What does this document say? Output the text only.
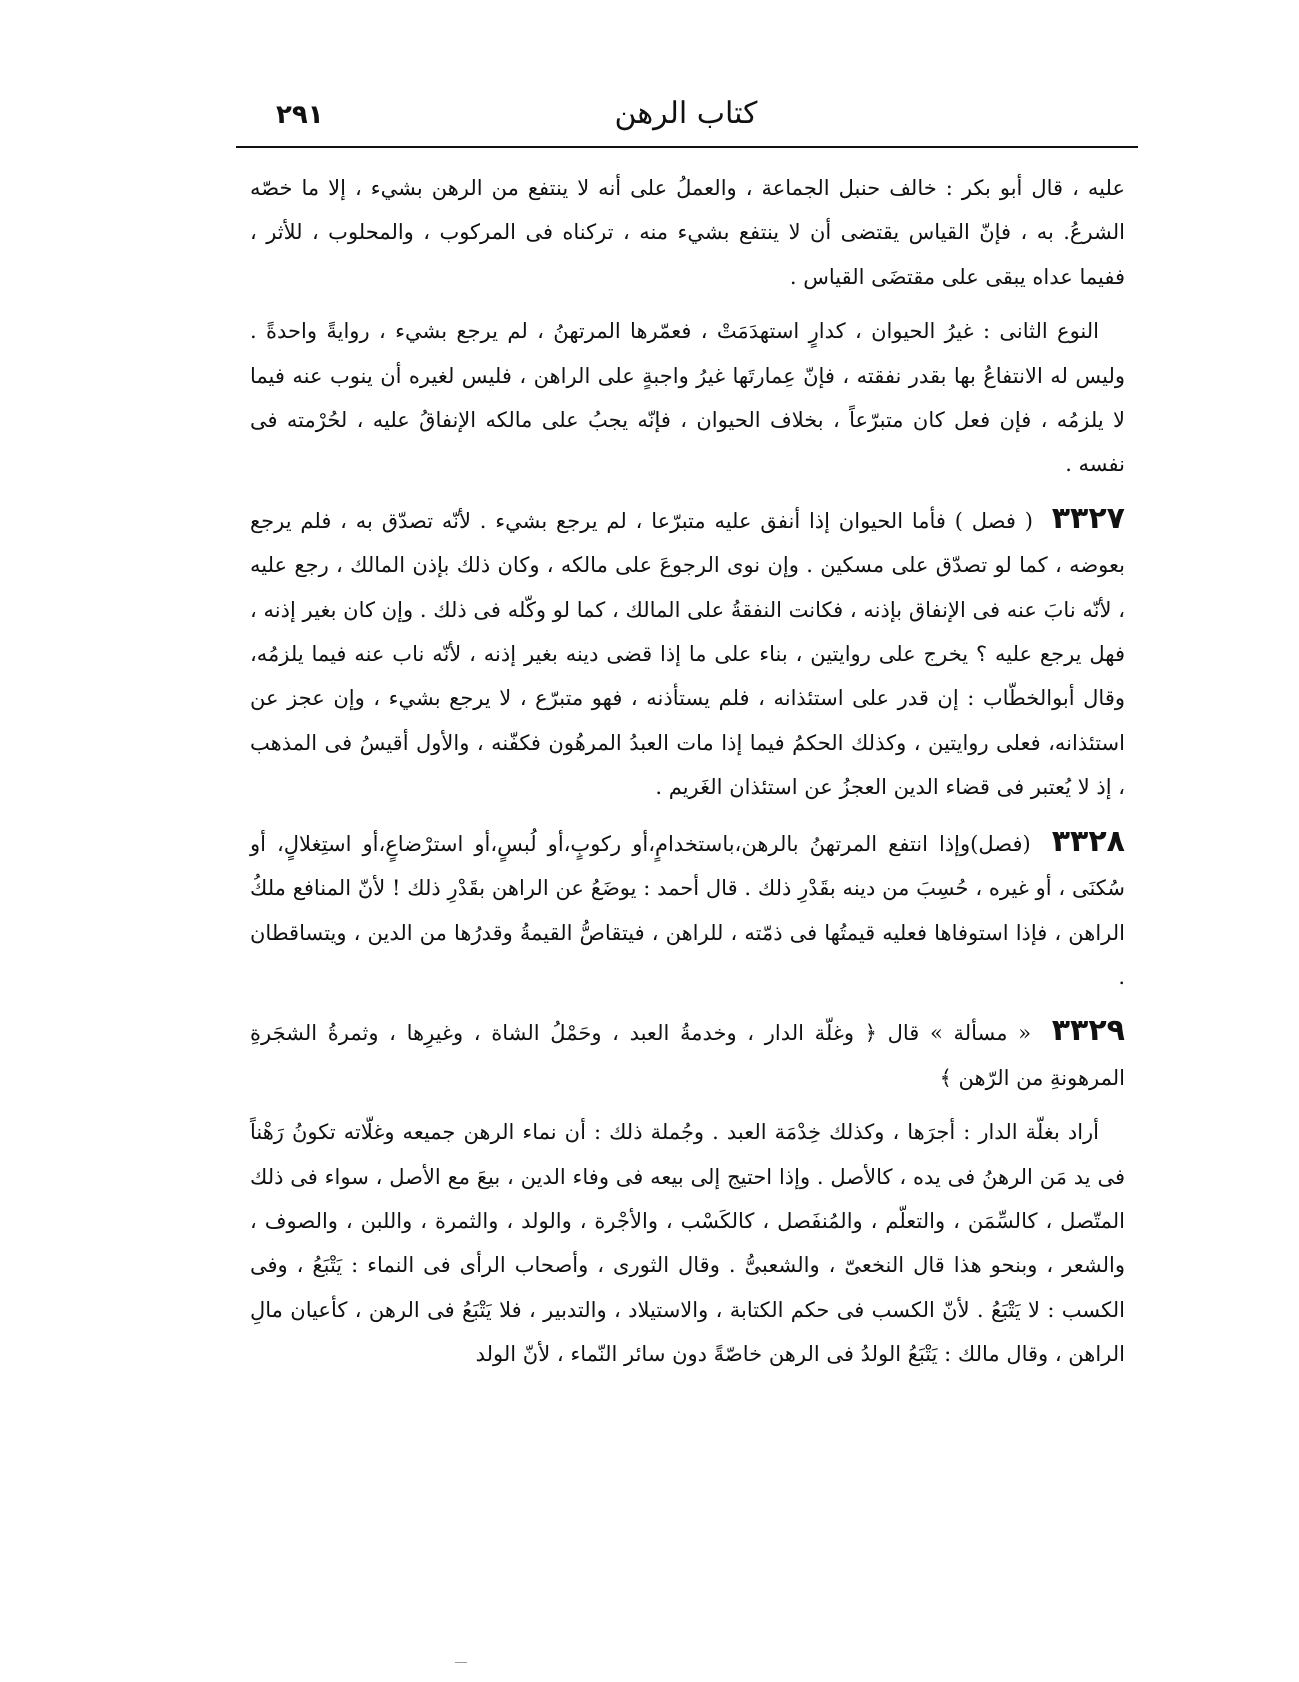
كتاب الرهن
٢٩١

عليه ، قال أبو بكر : خالف حنبل الجماعة ، والعملُ على أنه لا ينتفع من الرهن بشيء ، إلا ما خصّه الشرعُ. به ، فإنّ القياس يقتضى أن لا ينتفع بشيء منه ، تركناه فى المركوب ، والمحلوب ، للأثر ، ففيما عداه يبقى على مقتضَى القياس .

النوع الثانى : غيرُ الحيوان ، كدارٍ استهدَمَتْ ، فعمّرها المرتهنُ ، لم يرجع بشيء ، روايةً واحدةً . وليس له الانتفاعُ بها بقدر نفقته ، فإنّ عِمارتَها غيرُ واجبةٍ على الراهن ، فليس لغيره أن ينوب عنه فيما لا يلزمُه ، فإن فعل كان متبرّعاً ، بخلاف الحيوان ، فإنّه يجبُ على مالكه الإنفاقُ عليه ، لحُرْمته فى نفسه .

٣٣٢٧ ( فصل ) فأما الحيوان إذا أنفق عليه متبرّعا ، لم يرجع بشيء . لأنّه تصدّق به ، فلم يرجع بعوضه ، كما لو تصدّق على مسكين . وإن نوى الرجوعَ على مالكه ، وكان ذلك بإذن المالك ، رجع عليه ، لأنّه نابَ عنه فى الإنفاق بإذنه ، فكانت النفقةُ على المالك ، كما لو وكّله فى ذلك . وإن كان بغير إذنه ، فهل يرجع عليه ؟ يخرج على روايتين ، بناء على ما إذا قضى دينه بغير إذنه ، لأنّه ناب عنه فيما يلزمُه، وقال أبوالخطّاب : إن قدر على استئذانه ، فلم يستأذنه ، فهو متبرّع ، لا يرجع بشيء ، وإن عجز عن استئذانه، فعلى روايتين ، وكذلك الحكمُ فيما إذا مات العبدُ المرهُون فكفّنه ، والأول أقيسُ فى المذهب ، إذ لا يُعتبر فى قضاء الدين العجزُ عن استئذان الغَريم .

٣٣٢٨ (فصل)وإذا انتفع المرتهنُ بالرهن،باستخدامٍ،أو ركوبٍ،أو لُبسٍ،أو استرْضاعٍ،أو استِغلالٍ، أو سُكنَى ، أو غيره ، حُسِبَ من دينه بقَدْرِ ذلك . قال أحمد : يوضَعُ عن الراهن بقَدْرِ ذلك ! لأنّ المنافع ملكُ الراهن ، فإذا استوفاها فعليه قيمتُها فى ذمّته ، للراهن ، فيتقاصُّ القيمةُ وقدرُها من الدين ، ويتساقطان .

٣٣٢٩ « مسألة » قال ﴿ وغلّة الدار ، وخدمةُ العبد ، وحَمْلُ الشاة ، وغيرِها ، وثمرةُ الشجَرةِ المرهونةِ من الرّهن ﴾

أراد بغلّة الدار : أجرَها ، وكذلك خِدْمَة العبد . وجُملة ذلك : أن نماء الرهن جميعه وغلّاته تكونُ رَهْناً فى يد مَن الرهنُ فى يده ، كالأصل . وإذا احتيج إلى بيعه فى وفاء الدين ، بيعَ مع الأصل ، سواء فى ذلك المتّصل ، كالسِّمَن ، والتعلّم ، والمُنفَصل ، كالكَسْب ، والأجْرة ، والولد ، والثمرة ، واللبن ، والصوف ، والشعر ، وبنحو هذا قال النخعىّ ، والشعبىُّ . وقال الثورى ، وأصحاب الرأى فى النماء : يَتْبَعُ ، وفى الكسب : لا يَتْبَعُ . لأنّ الكسب فى حكم الكتابة ، والاستيلاد ، والتدبير ، فلا يَتْبَعُ فى الرهن ، كأعيان مالِ الراهن ، وقال مالك : يَتْبَعُ الولدُ فى الرهن خاصّةً دون سائر النّماء ، لأنّ الولد
